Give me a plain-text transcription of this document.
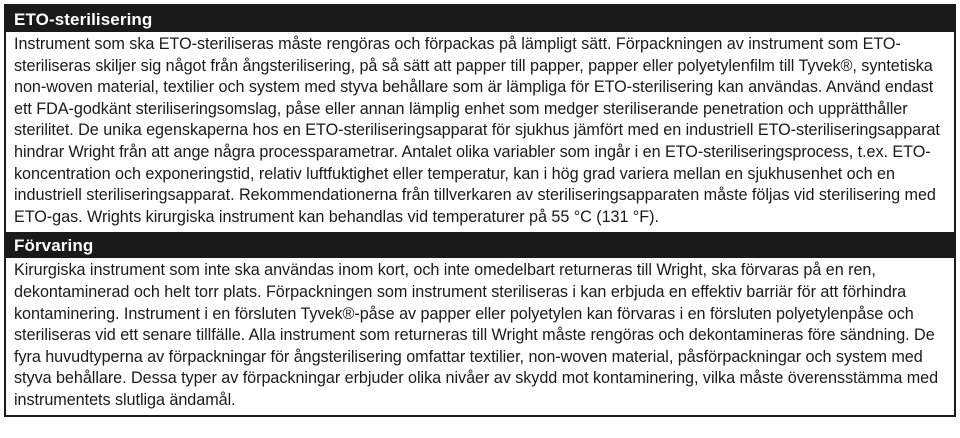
ETO-sterilisering
Instrument som ska ETO-steriliseras måste rengöras och förpackas på lämpligt sätt. Förpackningen av instrument som ETO-steriliseras skiljer sig något från ångsterilisering, på så sätt att papper till papper, papper eller polyetylenfilm till Tyvek®, syntetiska non-woven material, textilier och system med styva behållare som är lämpliga för ETO-sterilisering kan användas. Använd endast ett FDA-godkänt steriliseringsomslag, påse eller annan lämplig enhet som medger steriliserande penetration och upprätthåller sterilitet. De unika egenskaperna hos en ETO-steriliseringsapparat för sjukhus jämfört med en industriell ETO-steriliseringsapparat hindrar Wright från att ange några processparametrar. Antalet olika variabler som ingår i en ETO-steriliseringsprocess, t.ex. ETO-koncentration och exponeringstid, relativ luftfuktighet eller temperatur, kan i hög grad variera mellan en sjukhusenhet och en industriell steriliseringsapparat. Rekommendationerna från tillverkaren av steriliseringsapparaten måste följas vid sterilisering med ETO-gas. Wrights kirurgiska instrument kan behandlas vid temperaturer på 55 °C (131 °F).
Förvaring
Kirurgiska instrument som inte ska användas inom kort, och inte omedelbart returneras till Wright, ska förvaras på en ren, dekontaminerad och helt torr plats. Förpackningen som instrument steriliseras i kan erbjuda en effektiv barriär för att förhindra kontaminering. Instrument i en försluten Tyvek®-påse av papper eller polyetylen kan förvaras i en försluten polyetylenpåse och steriliseras vid ett senare tillfälle. Alla instrument som returneras till Wright måste rengöras och dekontamineras före sändning. De fyra huvudtyperna av förpackningar för ångsterilisering omfattar textilier, non-woven material, påsförpackningar och system med styva behållare. Dessa typer av förpackningar erbjuder olika nivåer av skydd mot kontaminering, vilka måste överensstämma med instrumentets slutliga ändamål.
